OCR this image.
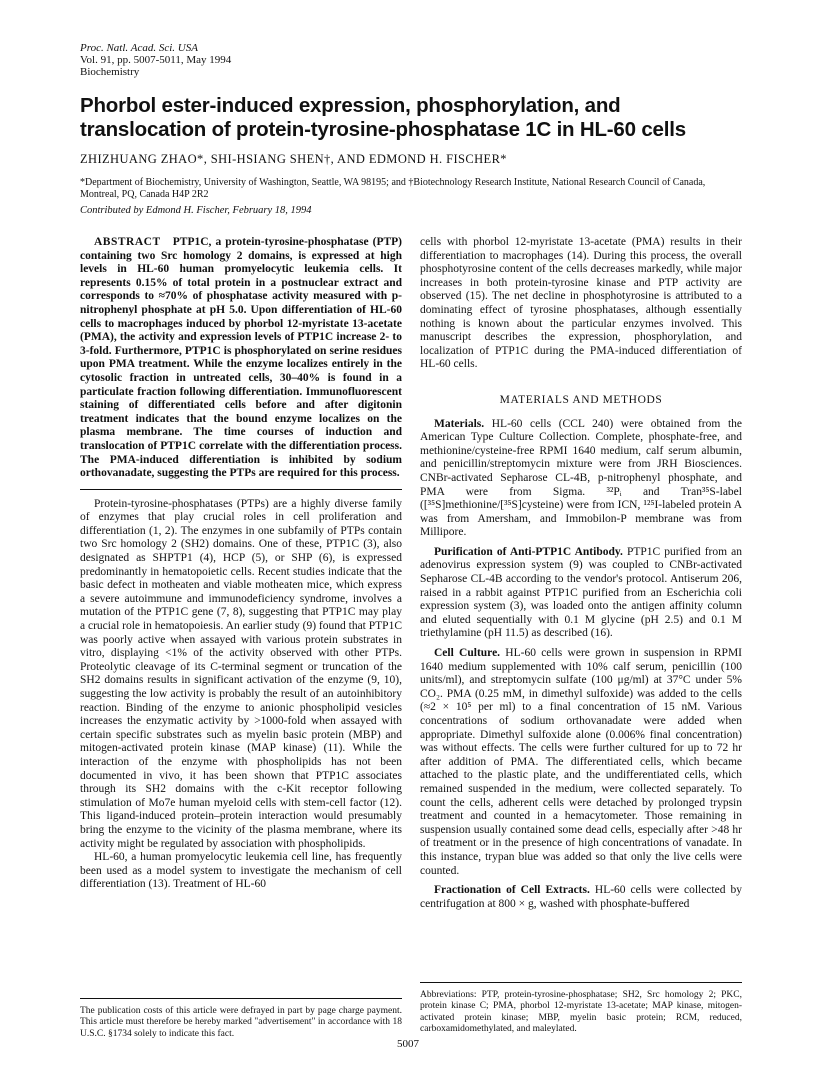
Proc. Natl. Acad. Sci. USA
Vol. 91, pp. 5007-5011, May 1994
Biochemistry
Phorbol ester-induced expression, phosphorylation, and
translocation of protein-tyrosine-phosphatase 1C in HL-60 cells
ZHIZHUANG ZHAO*, SHI-HSIANG SHEN†, AND EDMOND H. FISCHER*
*Department of Biochemistry, University of Washington, Seattle, WA 98195; and †Biotechnology Research Institute, National Research Council of Canada, Montreal, PQ, Canada H4P 2R2
Contributed by Edmond H. Fischer, February 18, 1994

ABSTRACT PTP1C, a protein-tyrosine-phosphatase (PTP) containing two Src homology 2 domains, is expressed at high levels in HL-60 human promyelocytic leukemia cells. It represents 0.15% of total protein in a postnuclear extract and corresponds to ≈70% of phosphatase activity measured with p-nitrophenyl phosphate at pH 5.0. Upon differentiation of HL-60 cells to macrophages induced by phorbol 12-myristate 13-acetate (PMA), the activity and expression levels of PTP1C increase 2- to 3-fold. Furthermore, PTP1C is phosphorylated on serine residues upon PMA treatment. While the enzyme localizes entirely in the cytosolic fraction in untreated cells, 30–40% is found in a particulate fraction following differentiation. Immunofluorescent staining of differentiated cells before and after digitonin treatment indicates that the bound enzyme localizes on the plasma membrane. The time courses of induction and translocation of PTP1C correlate with the differentiation process. The PMA-induced differentiation is inhibited by sodium orthovanadate, suggesting the PTPs are required for this process.

Protein-tyrosine-phosphatases (PTPs) are a highly diverse family of enzymes that play crucial roles in cell proliferation and differentiation (1, 2). The enzymes in one subfamily of PTPs contain two Src homology 2 (SH2) domains. One of these, PTP1C (3), also designated as SHPTP1 (4), HCP (5), or SHP (6), is expressed predominantly in hematopoietic cells. Recent studies indicate that the basic defect in motheaten and viable motheaten mice, which express a severe autoimmune and immunodeficiency syndrome, involves a mutation of the PTP1C gene (7, 8), suggesting that PTP1C may play a crucial role in hematopoiesis. An earlier study (9) found that PTP1C was poorly active when assayed with various protein substrates in vitro, displaying <1% of the activity observed with other PTPs. Proteolytic cleavage of its C-terminal segment or truncation of the SH2 domains results in significant activation of the enzyme (9, 10), suggesting the low activity is probably the result of an autoinhibitory reaction. Binding of the enzyme to anionic phospholipid vesicles increases the enzymatic activity by >1000-fold when assayed with certain specific substrates such as myelin basic protein (MBP) and mitogen-activated protein kinase (MAP kinase) (11). While the interaction of the enzyme with phospholipids has not been documented in vivo, it has been shown that PTP1C associates through its SH2 domains with the c-Kit receptor following stimulation of Mo7e human myeloid cells with stem-cell factor (12). This ligand-induced protein–protein interaction would presumably bring the enzyme to the vicinity of the plasma membrane, where its activity might be regulated by association with phospholipids.

HL-60, a human promyelocytic leukemia cell line, has frequently been used as a model system to investigate the mechanism of cell differentiation (13). Treatment of HL-60

cells with phorbol 12-myristate 13-acetate (PMA) results in their differentiation to macrophages (14). During this process, the overall phosphotyrosine content of the cells decreases markedly, while major increases in both protein-tyrosine kinase and PTP activity are observed (15). The net decline in phosphotyrosine is attributed to a dominating effect of tyrosine phosphatases, although essentially nothing is known about the particular enzymes involved. This manuscript describes the expression, phosphorylation, and localization of PTP1C during the PMA-induced differentiation of HL-60 cells.

MATERIALS AND METHODS

Materials. HL-60 cells (CCL 240) were obtained from the American Type Culture Collection. Complete, phosphate-free, and methionine/cysteine-free RPMI 1640 medium, calf serum albumin, and penicillin/streptomycin mixture were from JRH Biosciences. CNBr-activated Sepharose CL-4B, p-nitrophenyl phosphate, and PMA were from Sigma. ³²Pᵢ and Tran³⁵S-label ([³⁵S]methionine/[³⁵S]cysteine) were from ICN, ¹²⁵I-labeled protein A was from Amersham, and Immobilon-P membrane was from Millipore.

Purification of Anti-PTP1C Antibody. PTP1C purified from an adenovirus expression system (9) was coupled to CNBr-activated Sepharose CL-4B according to the vendor's protocol. Antiserum 206, raised in a rabbit against PTP1C purified from an Escherichia coli expression system (3), was loaded onto the antigen affinity column and eluted sequentially with 0.1 M glycine (pH 2.5) and 0.1 M triethylamine (pH 11.5) as described (16).

Cell Culture. HL-60 cells were grown in suspension in RPMI 1640 medium supplemented with 10% calf serum, penicillin (100 units/ml), and streptomycin sulfate (100 μg/ml) at 37°C under 5% CO₂. PMA (0.25 mM, in dimethyl sulfoxide) was added to the cells (≈2 × 10⁵ per ml) to a final concentration of 15 nM. Various concentrations of sodium orthovanadate were added when appropriate. Dimethyl sulfoxide alone (0.006% final concentration) was without effects. The cells were further cultured for up to 72 hr after addition of PMA. The differentiated cells, which became attached to the plastic plate, and the undifferentiated cells, which remained suspended in the medium, were collected separately. To count the cells, adherent cells were detached by prolonged trypsin treatment and counted in a hemacytometer. Those remaining in suspension usually contained some dead cells, especially after >48 hr of treatment or in the presence of high concentrations of vanadate. In this instance, trypan blue was added so that only the live cells were counted.

Fractionation of Cell Extracts. HL-60 cells were collected by centrifugation at 800 × g, washed with phosphate-buffered

The publication costs of this article were defrayed in part by page charge payment. This article must therefore be hereby marked "advertisement" in accordance with 18 U.S.C. §1734 solely to indicate this fact.
Abbreviations: PTP, protein-tyrosine-phosphatase; SH2, Src homology 2; PKC, protein kinase C; PMA, phorbol 12-myristate 13-acetate; MAP kinase, mitogen-activated protein kinase; MBP, myelin basic protein; RCM, reduced, carboxamidomethylated, and maleylated.
5007
